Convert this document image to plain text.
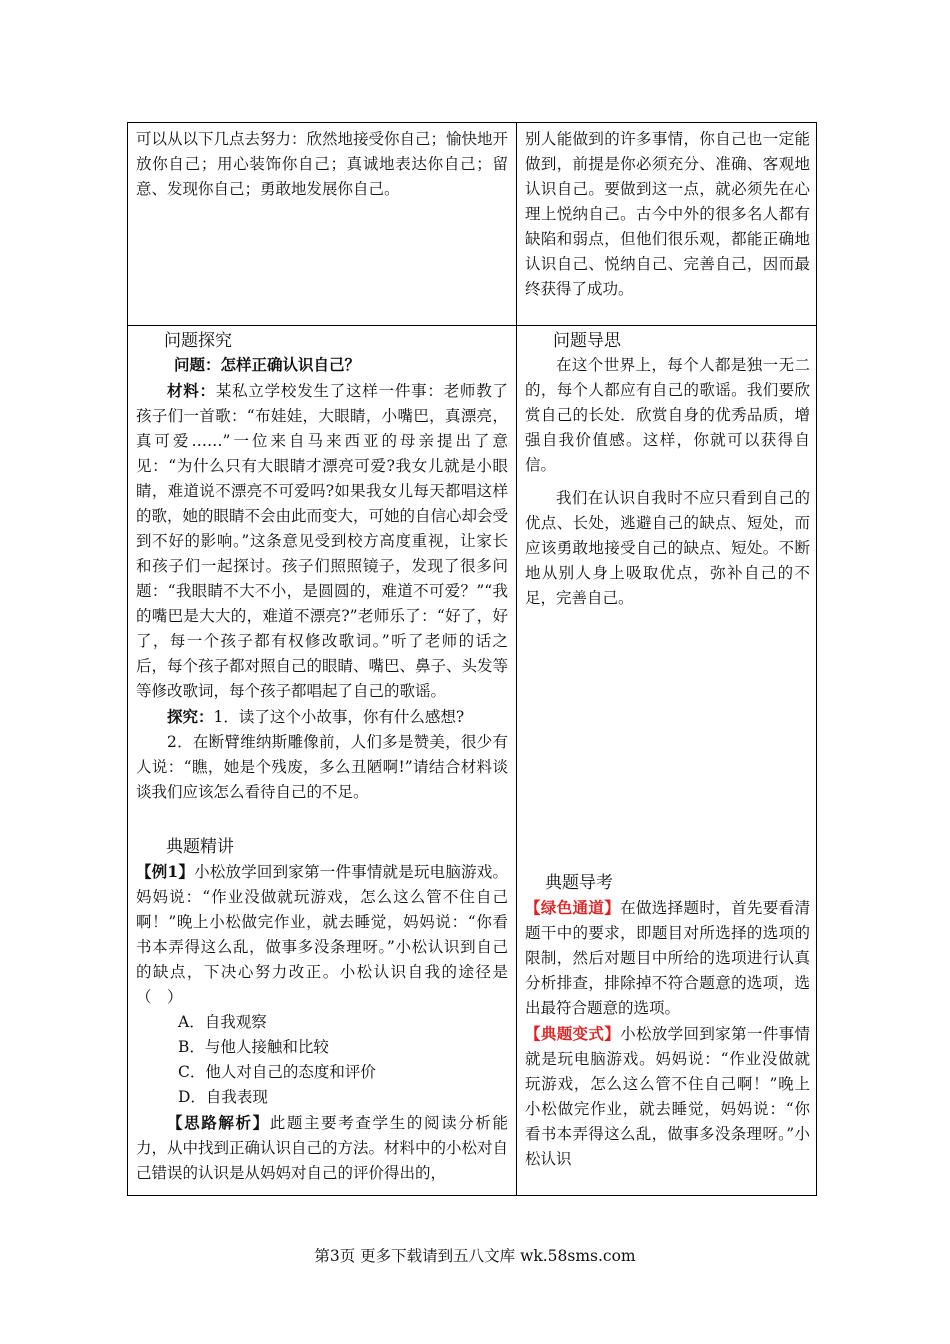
可以从以下几点去努力：欣然地接受你自己；愉快地开放你自己；用心装饰你自己；真诚地表达你自己；留意、发现你自己；勇敢地发展你自己。

别人能做到的许多事情，你自己也一定能做到，前提是你必须充分、准确、客观地认识自己。要做到这一点，就必须先在心理上悦纳自己。古今中外的很多名人都有缺陷和弱点，但他们很乐观，都能正确地认识自己、悦纳自己、完善自己，因而最终获得了成功。

问题探究

问题：怎样正确认识自己？

材料：某私立学校发生了这样一件事：老师教了孩子们一首歌：“布娃娃，大眼睛，小嘴巴，真漂亮，真可爱……”一位来自马来西亚的母亲提出了意见：“为什么只有大眼睛才漂亮可爱?我女儿就是小眼睛，难道说不漂亮不可爱吗?如果我女儿每天都唱这样的歌，她的眼睛不会由此而变大，可她的自信心却会受到不好的影响。”这条意见受到校方高度重视，让家长和孩子们一起探讨。孩子们照照镜子，发现了很多问题：“我眼睛不大不小，是圆圆的，难道不可爱？”“我的嘴巴是大大的，难道不漂亮?”老师乐了：“好了，好了，每一个孩子都有权修改歌词。”听了老师的话之后，每个孩子都对照自己的眼睛、嘴巴、鼻子、头发等等修改歌词，每个孩子都唱起了自己的歌谣。

探究：1．读了这个小故事，你有什么感想?

2．在断臂维纳斯雕像前，人们多是赞美，很少有人说：“瞧，她是个残废，多么丑陋啊!”请结合材料谈谈我们应该怎么看待自己的不足。

典题精讲

【例1】小松放学回到家第一件事情就是玩电脑游戏。妈妈说：“作业没做就玩游戏，怎么这么管不住自己啊！”晚上小松做完作业，就去睡觉，妈妈说：“你看书本弄得这么乱，做事多没条理呀。”小松认识到自己的缺点，下决心努力改正。小松认识自我的途径是　　（　）

A．自我观察

B．与他人接触和比较

C．他人对自己的态度和评价

D．自我表现

【思路解析】此题主要考查学生的阅读分析能力，从中找到正确认识自己的方法。材料中的小松对自己错误的认识是从妈妈对自己的评价得出的，

问题导思

在这个世界上，每个人都是独一无二的，每个人都应有自己的歌谣。我们要欣赏自己的长处．欣赏自身的优秀品质，增强自我价值感。这样，你就可以获得自信。

我们在认识自我时不应只看到自己的优点、长处，逃避自己的缺点、短处，而应该勇敢地接受自己的缺点、短处。不断地从别人身上吸取优点，弥补自己的不足，完善自己。

典题导考

【绿色通道】在做选择题时，首先要看清题干中的要求，即题目对所选择的选项的限制，然后对题目中所给的选项进行认真分析排查，排除掉不符合题意的选项，选出最符合题意的选项。

【典题变式】小松放学回到家第一件事情就是玩电脑游戏。妈妈说：“作业没做就玩游戏，怎么这么管不住自己啊！”晚上小松做完作业，就去睡觉，妈妈说：“你看书本弄得这么乱，做事多没条理呀。”小松认识

第3页 更多下载请到五八文库 wk.58sms.com
